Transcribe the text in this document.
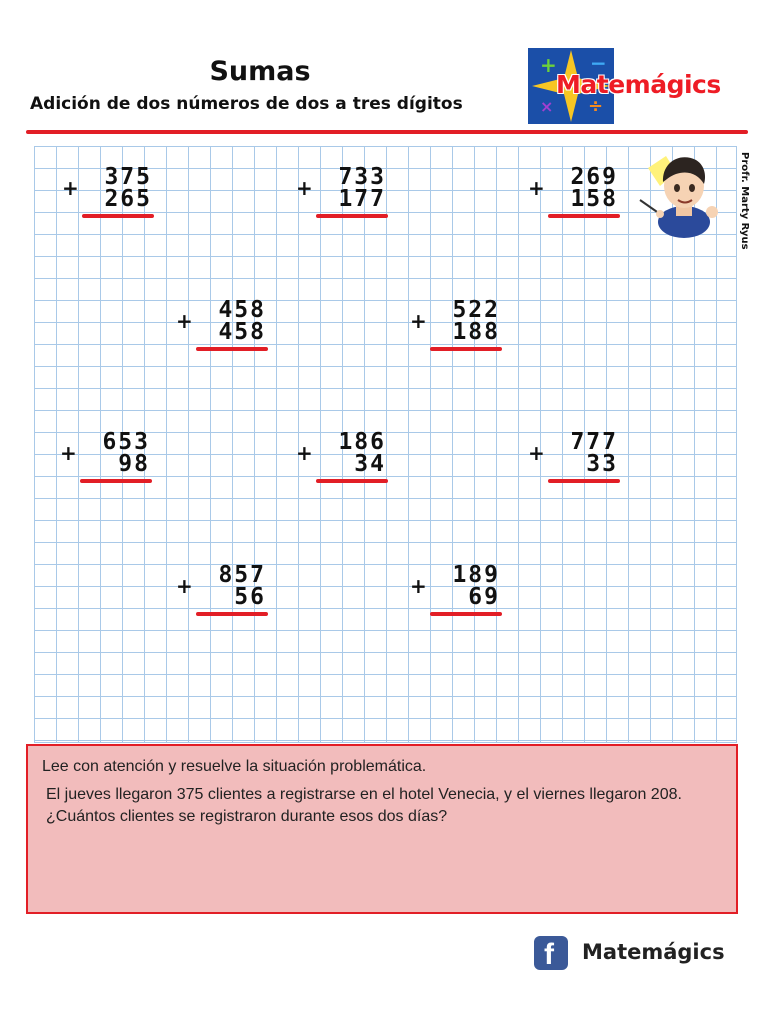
Sumas

Adición de dos números de dos a tres dígitos

+ −
× ÷
Matemágics
+	375
265	+	733
177	+	269
158
+	458
458	+	522
188
+	653
98	+	186
34	+	777
33
+	857
56	+	189
69
Profr. Marty Ryus
Lee con atención y resuelve la situación problemática.
El jueves llegaron 375 clientes a registrarse en el hotel Venecia, y el viernes llegaron 208. ¿Cuántos clientes se registraron durante esos dos días?
f Matemágics
